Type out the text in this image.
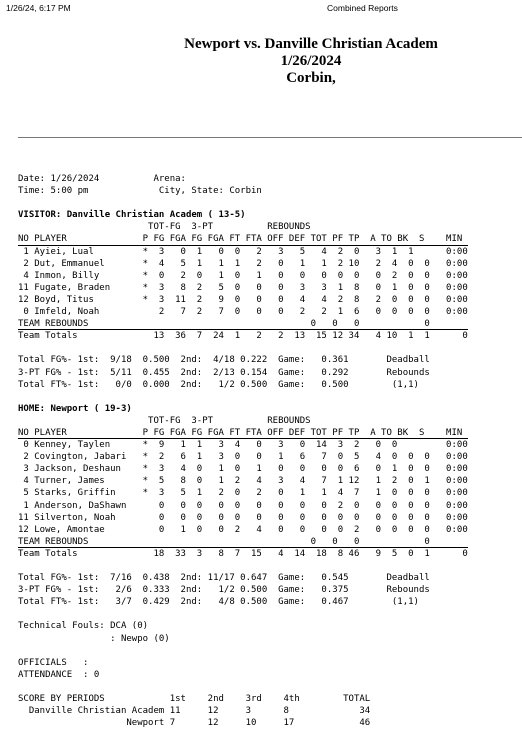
1/26/24, 6:17 PM	Combined Reports
Newport vs. Danville Christian Academ
1/26/2024
Corbin,
Date: 1/26/2024          Arena:
Time: 5:00 pm             City, State: Corbin

VISITOR: Danville Christian Academ ( 13-5)
TOT-FG  3-PT          REBOUNDS
NO PLAYER              P FG FGA FG FGA FT FTA OFF DEF TOT PF TP  A TO BK  S    MIN
1 Ayiei, Lual         *  3   0  1   0  0   2   3   5   4  2  0   3  1  1      0:00
2 Dut, Emmanuel       *  4   5  1   1  1   2   0   1   1  2 10   2  4  0  0   0:00
4 Inmon, Billy        *  0   2  0   1  0   1   0   0   0  0  0   0  2  0  0   0:00
11 Fugate, Braden      *  3   8  2   5  0   0   0   3   3  1  8   0  1  0  0   0:00
12 Boyd, Titus         *  3  11  2   9  0   0   0   4   4  2  8   2  0  0  0   0:00
0 Imfeld, Noah           2   7  2   7  0   0   0   2   2  1  6   0  0  0  0   0:00
TEAM REBOUNDS                                         0   0   0            0
Team Totals              13  36  7  24  1   2   2  13  15 12 34   4 10  1  1      0

Total FG%- 1st:  9/18  0.500  2nd:  4/18 0.222  Game:   0.361       Deadball
3-PT FG% - 1st:  5/11  0.455  2nd:  2/13 0.154  Game:   0.292       Rebounds
Total FT%- 1st:   0/0  0.000  2nd:   1/2 0.500  Game:   0.500        (1,1)

HOME: Newport ( 19-3)
TOT-FG  3-PT          REBOUNDS
NO PLAYER              P FG FGA FG FGA FT FTA OFF DEF TOT PF TP  A TO BK  S    MIN
0 Kenney, Taylen      *  9   1  1   3  4   0   3   0  14  3  2   0  0         0:00
2 Covington, Jabari   *  2   6  1   3  0   0   1   6   7  0  5   4  0  0  0   0:00
3 Jackson, Deshaun    *  3   4  0   1  0   1   0   0   0  0  6   0  1  0  0   0:00
4 Turner, James       *  5   8  0   1  2   4   3   4   7  1 12   1  2  0  1   0:00
5 Starks, Griffin     *  3   5  1   2  0   2   0   1   1  4  7   1  0  0  0   0:00
1 Anderson, DaShawn      0   0  0   0  0   0   0   0   0  2  0   0  0  0  0   0:00
11 Silverton, Noah        0   0  0   0  0   0   0   0   0  0  0   0  0  0  0   0:00
12 Lowe, Amontae          0   1  0   0  2   4   0   0   0  0  2   0  0  0  0   0:00
TEAM REBOUNDS                                         0   0   0            0
Team Totals              18  33  3   8  7  15   4  14  18  8 46   9  5  0  1      0

Total FG%- 1st:  7/16  0.438  2nd: 11/17 0.647  Game:   0.545       Deadball
3-PT FG% - 1st:   2/6  0.333  2nd:   1/2 0.500  Game:   0.375       Rebounds
Total FT%- 1st:   3/7  0.429  2nd:   4/8 0.500  Game:   0.467        (1,1)

Technical Fouls: DCA (0)
: Newpo (0)

OFFICIALS   :
ATTENDANCE  : 0

SCORE BY PERIODS            1st    2nd    3rd    4th        TOTAL
Danville Christian Academ 11     12     3      8             34
Newport 7      12     10     17            46
